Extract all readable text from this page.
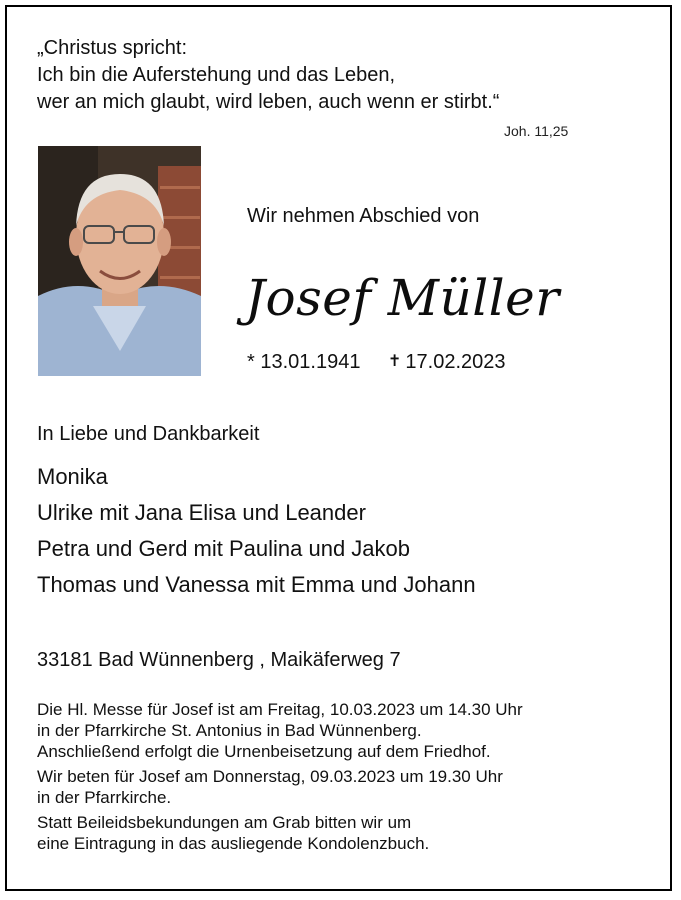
„Christus spricht:
Ich bin die Auferstehung und das Leben,
wer an mich glaubt, wird leben, auch wenn er stirbt.“
Joh. 11,25
Wir nehmen Abschied von
Josef Müller
* 13.01.1941 ✝ 17.02.2023
In Liebe und Dankbarkeit
Monika
Ulrike mit Jana Elisa und Leander
Petra und Gerd mit Paulina und Jakob
Thomas und Vanessa mit Emma und Johann
33181 Bad Wünnenberg , Maikäferweg 7

Die Hl. Messe für Josef ist am Freitag, 10.03.2023 um 14.30 Uhr
in der Pfarrkirche St. Antonius in Bad Wünnenberg.
Anschließend erfolgt die Urnenbeisetzung auf dem Friedhof.

Wir beten für Josef am Donnerstag, 09.03.2023 um 19.30 Uhr
in der Pfarrkirche.

Statt Beileidsbekundungen am Grab bitten wir um
eine Eintragung in das ausliegende Kondolenzbuch.
